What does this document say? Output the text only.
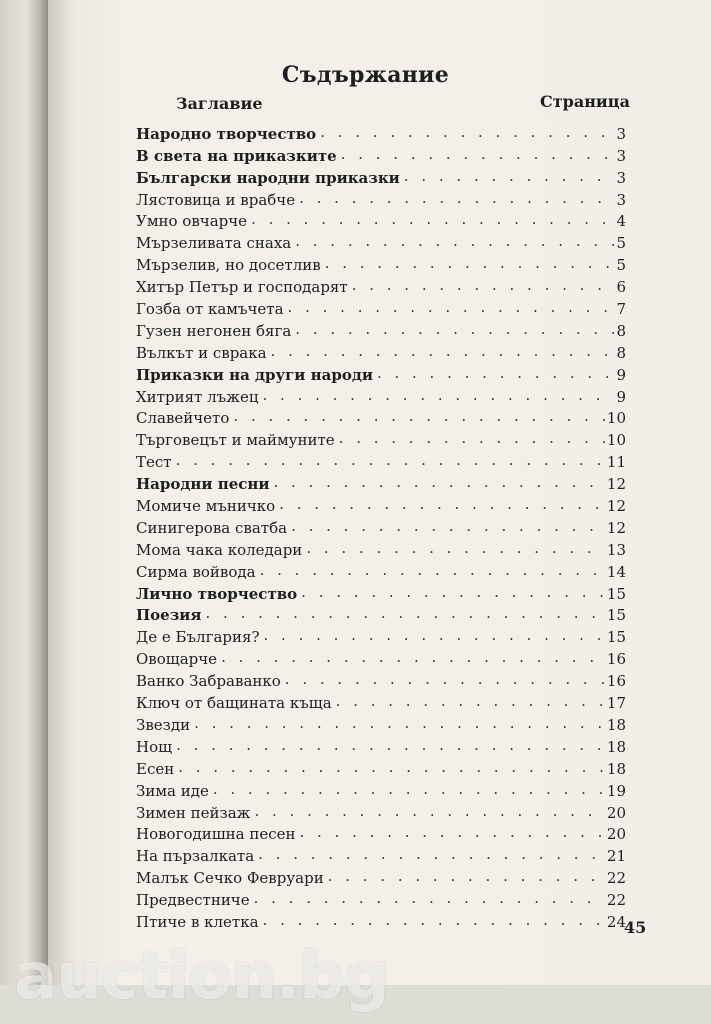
Съдържание
Заглавие	Страница
Народно творчество . . .	3
В света на приказките . . .	3
Български народни приказки . . .	3
Лястовица и врабче . . .	3
Умно овчарче . . .	4
Мързеливата снаха . . .	5
Мързелив, но досетлив . . .	5
Хитър Петър и господарят . . .	6
Гозба от камъчета . . .	7
Гузен негонен бяга . . .	8
Вълкът и сврака . . .	8
Приказки на други народи . . .	9
Хитрият лъжец . . .	9
Славейчето . . .	10
Търговецът и маймуните . . .	10
Тест . . .	11
Народни песни . . .	12
Момиче мъничко . . .	12
Синигерова сватба . . .	12
Мома чака коледари . . .	13
Сирма войвода . . .	14
Лично творчество . . .	15
Поезия . . .	15
Де е България? . . .	15
Овощарче . . .	16
Ванко Забраванко . . .	16
Ключ от бащината къща . . .	17
Звезди . . .	18
Нощ . . .	18
Есен . . .	18
Зима иде . . .	19
Зимен пейзаж . . .	20
Новогодишна песен . . .	20
На пързалката . . .	21
Малък Сечко Февруари . . .	22
Предвестниче . . .	22
Птиче в клетка . . .	24
45
auction.bg
